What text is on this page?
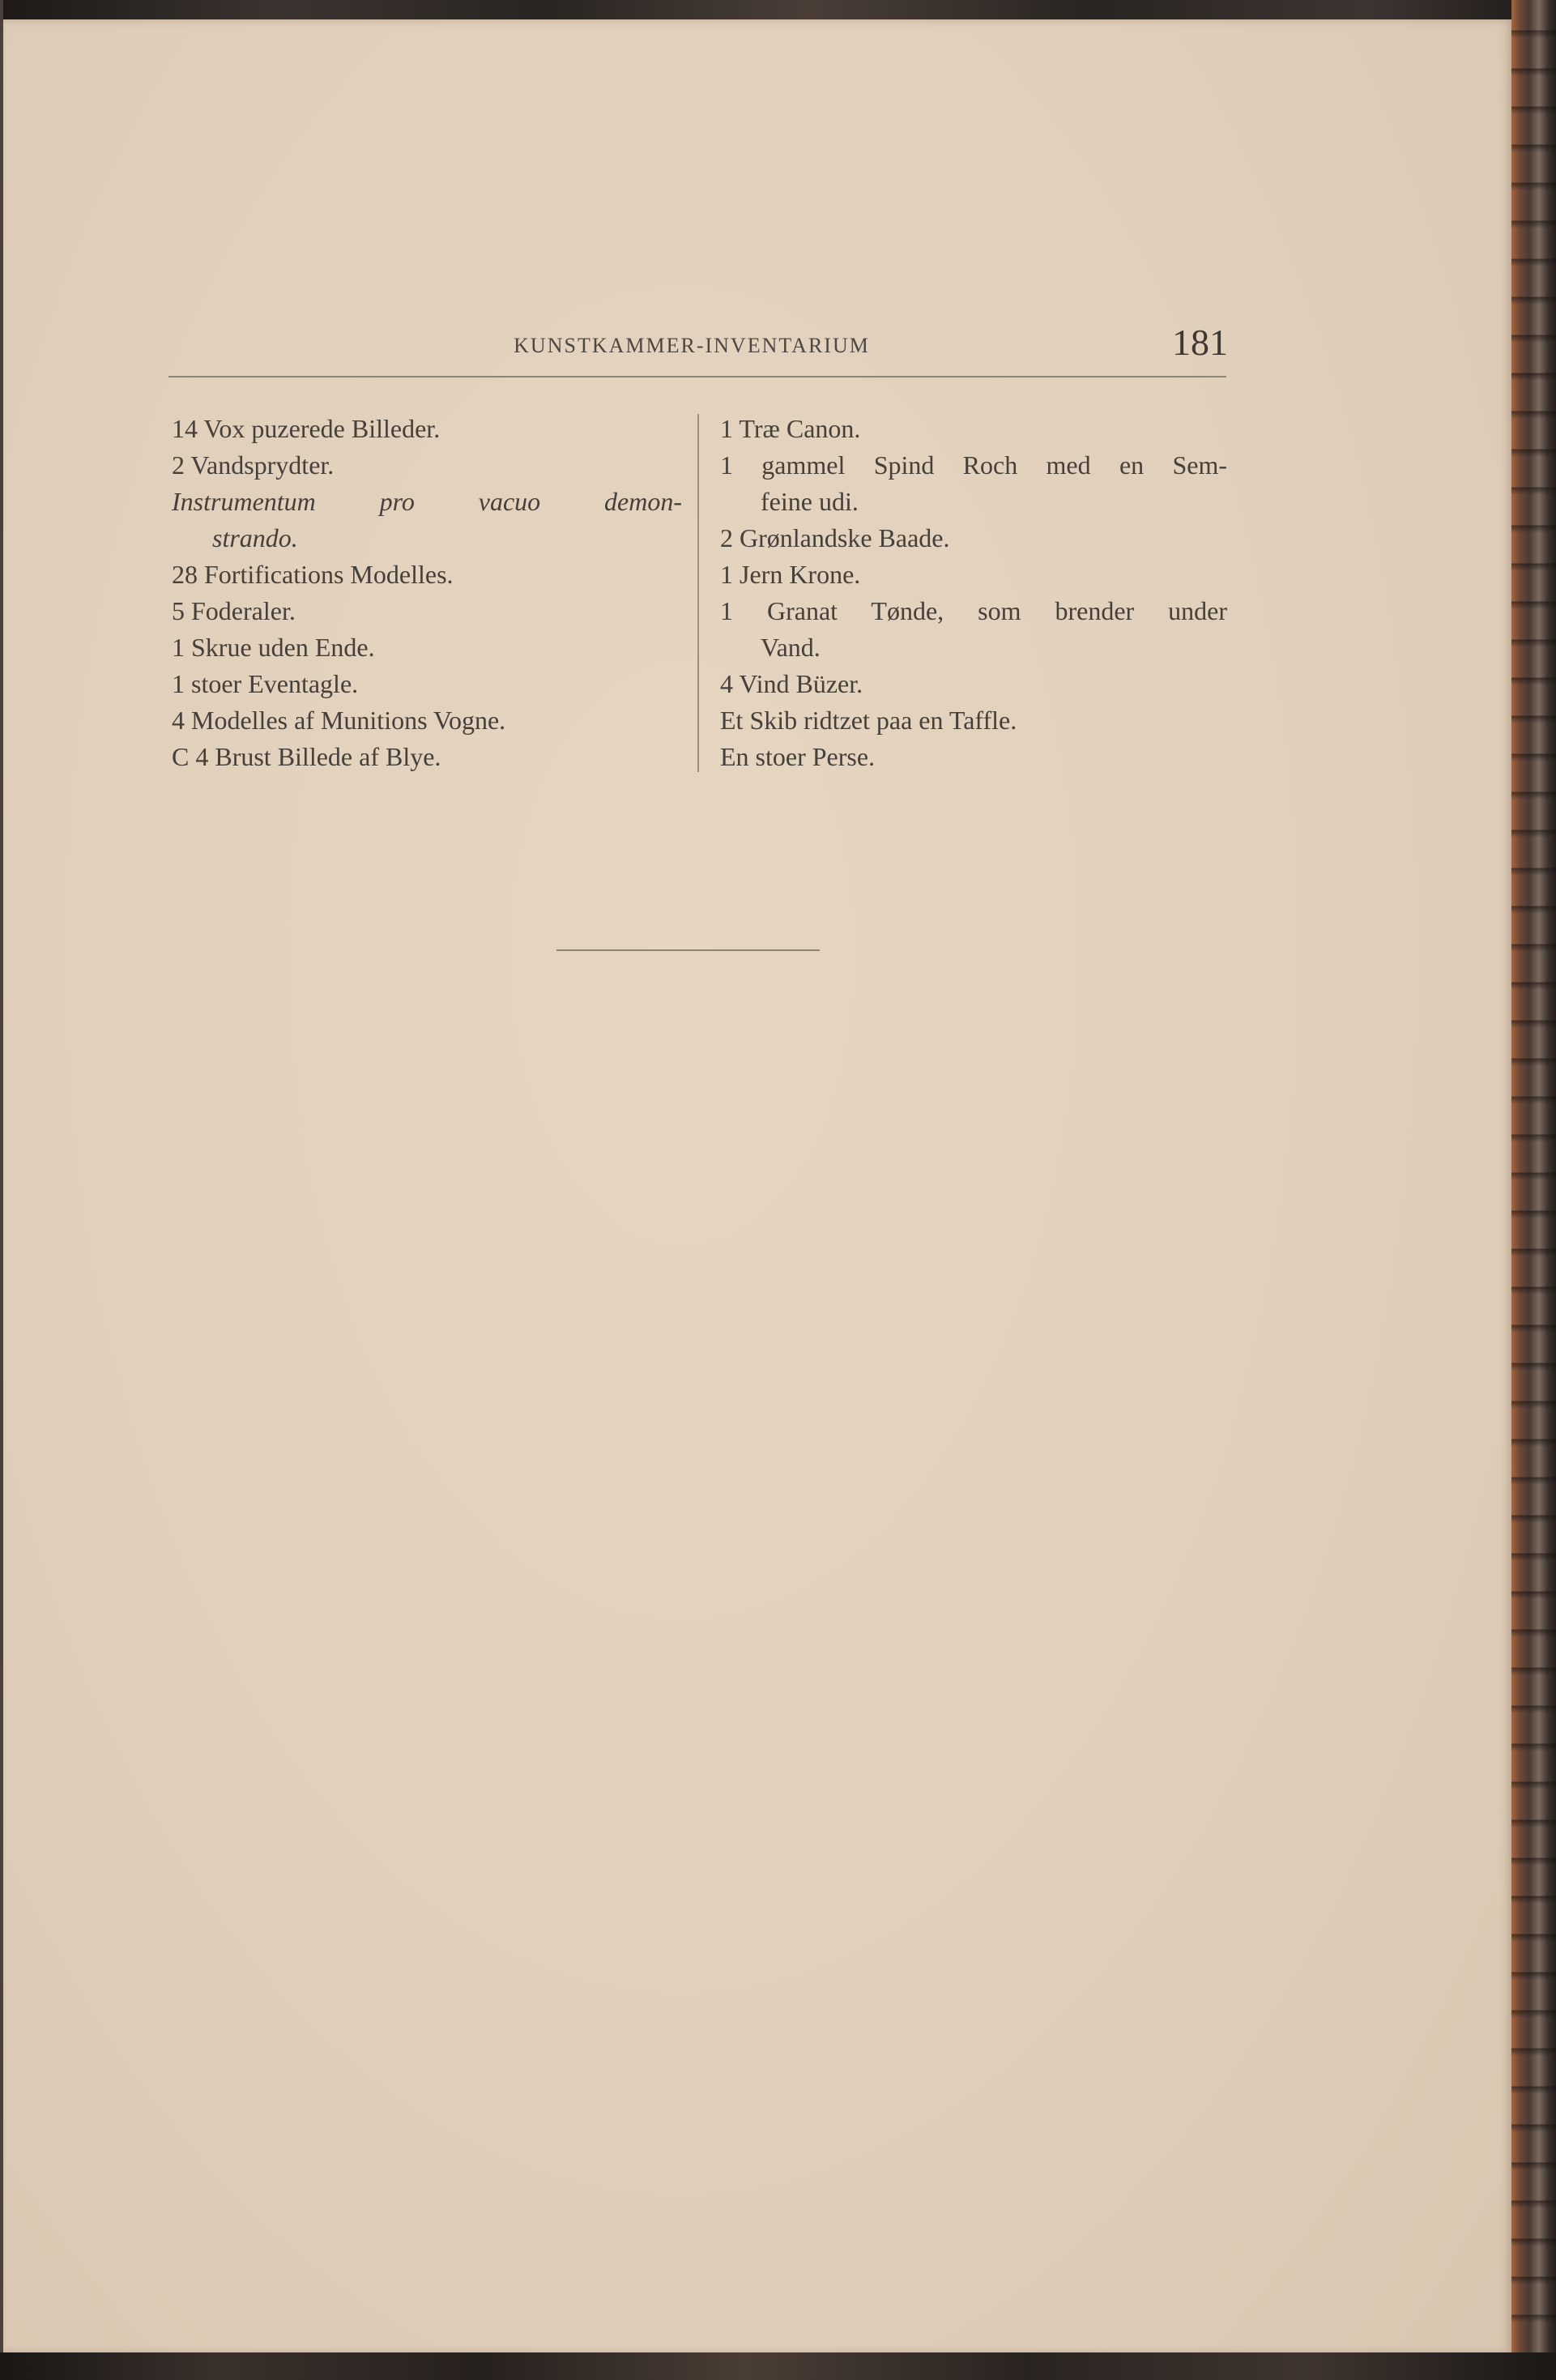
KUNSTKAMMER-INVENTARIUM	181

14 Vox puzerede Billeder.

2 Vandsprydter.

Instrumentum pro vacuo demon-
strando.

28 Fortifications Modelles.

5 Foderaler.

1 Skrue uden Ende.

1 stoer Eventagle.

4 Modelles af Munitions Vogne.

C 4 Brust Billede af Blye.

1 Træ Canon.

1 gammel Spind Roch med en Sem-
feine udi.

2 Grønlandske Baade.

1 Jern Krone.

1 Granat Tønde, som brender under
Vand.

4 Vind Büzer.

Et Skib ridtzet paa en Taffle.

En stoer Perse.
